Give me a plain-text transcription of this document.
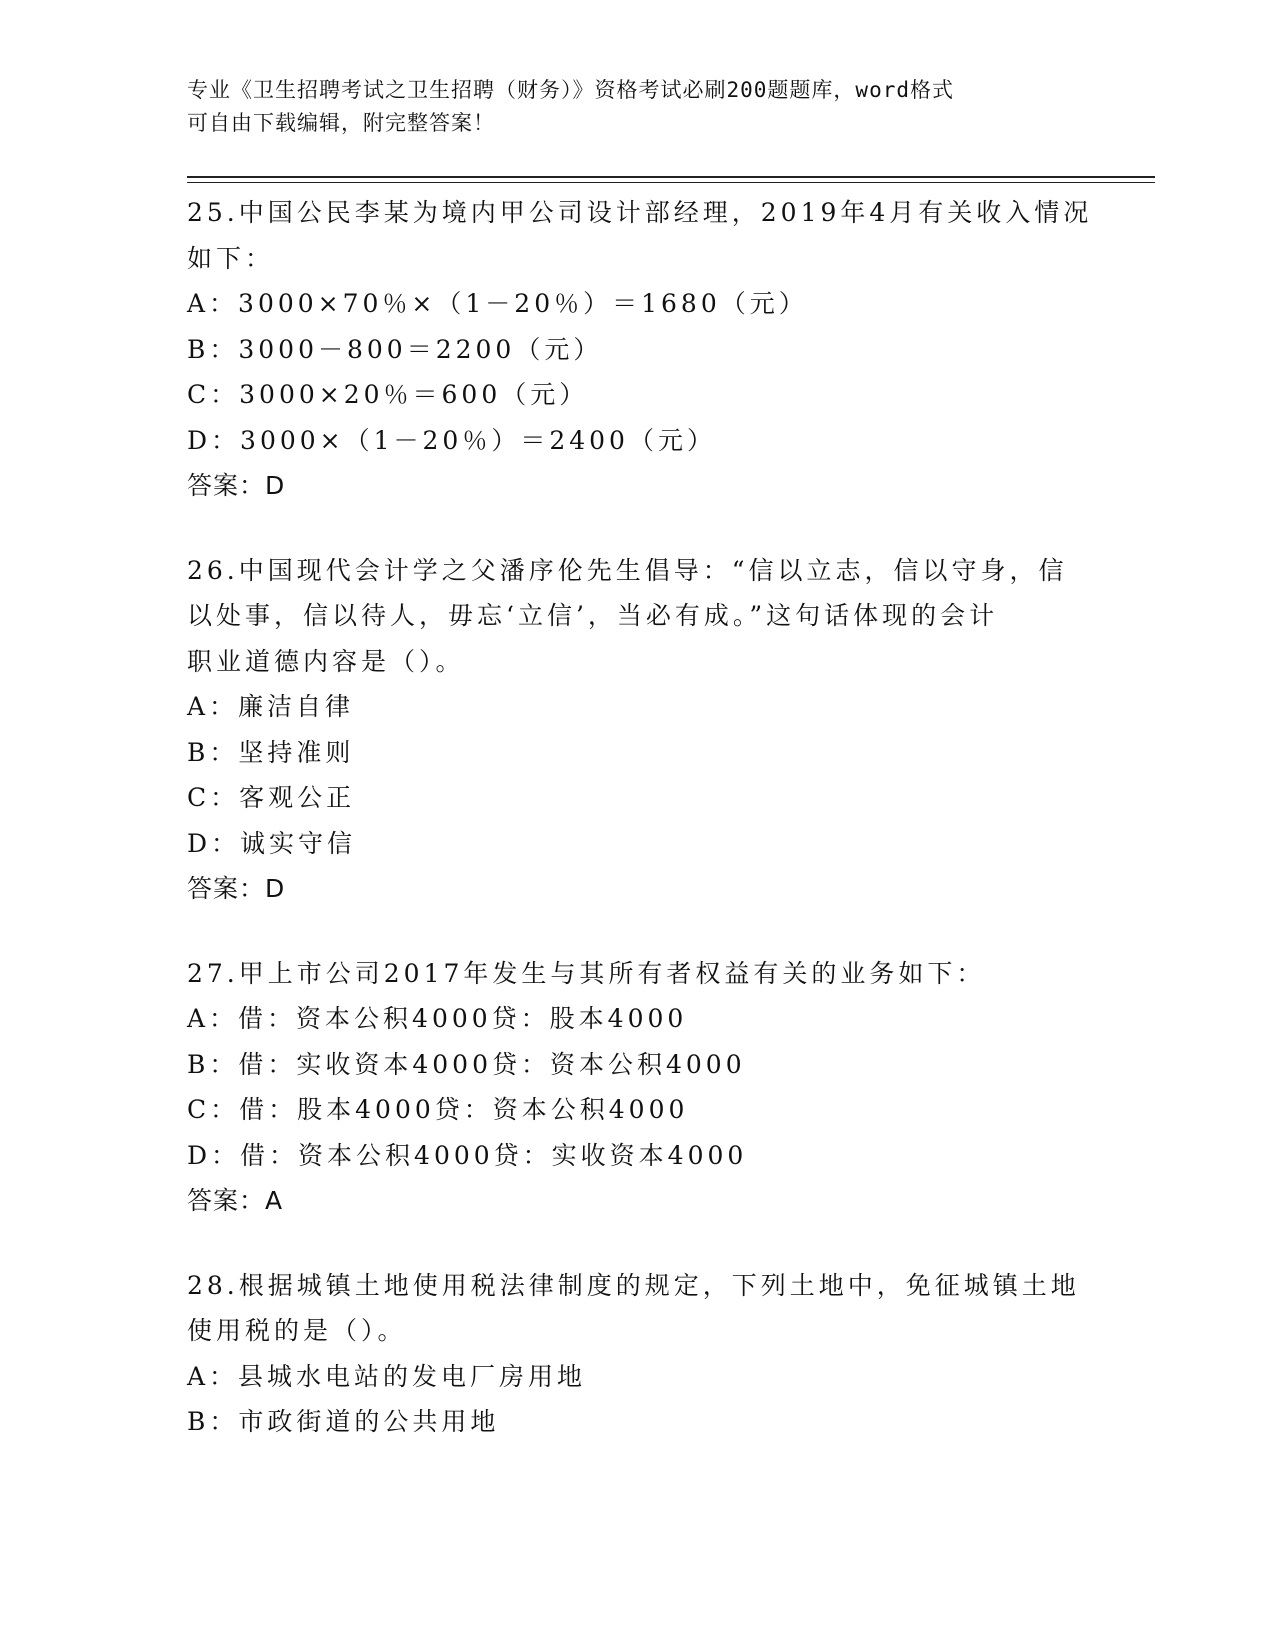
专业《卫生招聘考试之卫生招聘（财务）》资格考试必刷200题题库，word格式
可自由下载编辑，附完整答案！
25.中国公民李某为境内甲公司设计部经理，2019年4月有关收入情况
如下：
A：3000×70％×（1－20％）＝1680（元）
B：3000－800＝2200（元）
C：3000×20％＝600（元）
D：3000×（1－20％）＝2400（元）
答案：D
26.中国现代会计学之父潘序伦先生倡导：“信以立志，信以守身，信
以处事，信以待人，毋忘‘立信’，当必有成。”这句话体现的会计
职业道德内容是（）。
A：廉洁自律
B：坚持准则
C：客观公正
D：诚实守信
答案：D
27.甲上市公司2017年发生与其所有者权益有关的业务如下：
A：借：资本公积4000贷：股本4000
B：借：实收资本4000贷：资本公积4000
C：借：股本4000贷：资本公积4000
D：借：资本公积4000贷：实收资本4000
答案：A
28.根据城镇土地使用税法律制度的规定，下列土地中，免征城镇土地
使用税的是（）。
A：县城水电站的发电厂房用地
B：市政街道的公共用地
